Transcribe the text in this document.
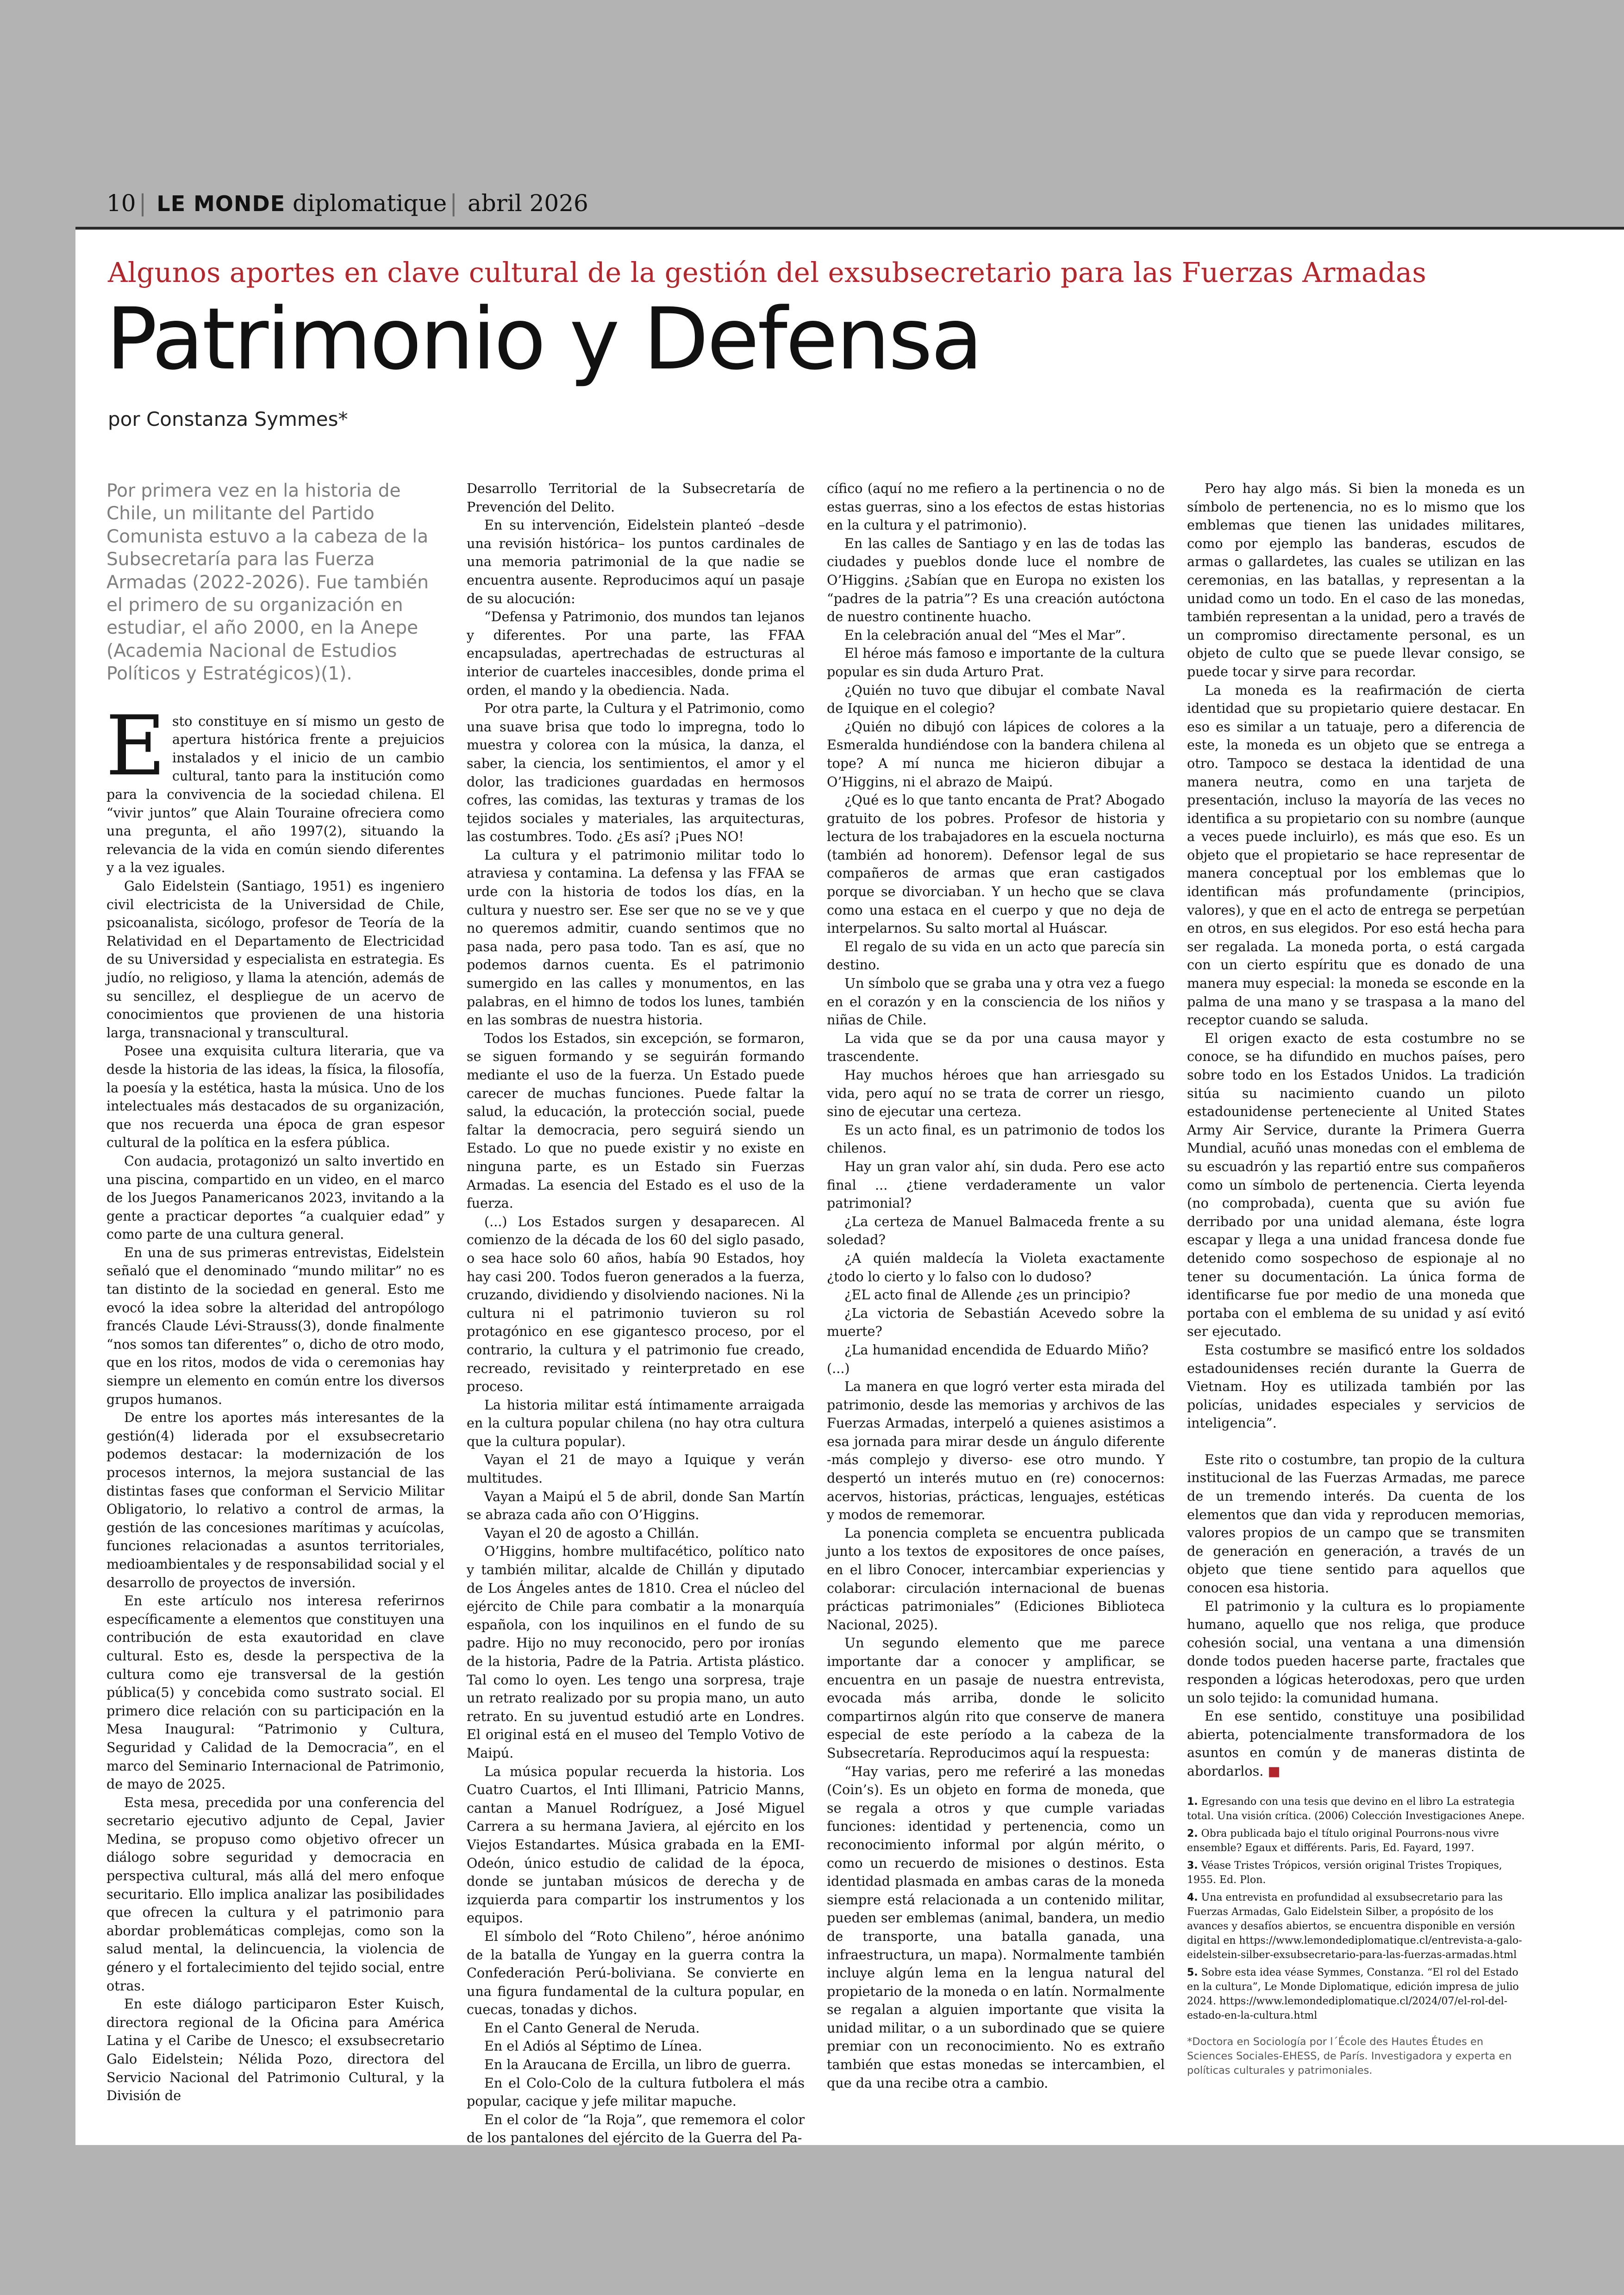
10 | LE MONDE diplomatique | abril 2026
Algunos aportes en clave cultural de la gestión del exsubsecretario para las Fuerzas Armadas
Patrimonio y Defensa
por Constanza Symmes*
Por primera vez en la historia de Chile, un militante del Partido Comunista estuvo a la cabeza de la Subsecretaría para las Fuerza Armadas (2022-2026). Fue también el primero de su organización en estudiar, el año 2000, en la Anepe (Academia Nacional de Estudios Políticos y Estratégicos)(1).

Esto constituye en sí mismo un gesto de apertura histórica frente a prejuicios instalados y el inicio de un cambio cultural, tanto para la institución como para la convivencia de la sociedad chilena. El “vivir juntos” que Alain Touraine ofreciera como una pregunta, el año 1997(2), situando la relevancia de la vida en común siendo diferentes y a la vez iguales.

Galo Eidelstein (Santiago, 1951) es ingeniero civil electricista de la Universidad de Chile, psicoanalista, sicólogo, profesor de Teoría de la Relatividad en el Departamento de Electricidad de su Universidad y especialista en estrategia. Es judío, no religioso, y llama la atención, además de su sencillez, el despliegue de un acervo de conocimientos que provienen de una historia larga, transnacional y transcultural.

Posee una exquisita cultura literaria, que va desde la historia de las ideas, la física, la filosofía, la poesía y la estética, hasta la música. Uno de los intelectuales más destacados de su organización, que nos recuerda una época de gran espesor cultural de la política en la esfera pública.

Con audacia, protagonizó un salto invertido en una piscina, compartido en un video, en el marco de los Juegos Panamericanos 2023, invitando a la gente a practicar deportes “a cualquier edad” y como parte de una cultura general.

En una de sus primeras entrevistas, Eidelstein señaló que el denominado “mundo militar” no es tan distinto de la sociedad en general. Esto me evocó la idea sobre la alteridad del antropólogo francés Claude Lévi-Strauss(3), donde finalmente “nos somos tan diferentes” o, dicho de otro modo, que en los ritos, modos de vida o ceremonias hay siempre un elemento en común entre los diversos grupos humanos.

De entre los aportes más interesantes de la gestión(4) liderada por el exsubsecretario podemos destacar: la modernización de los procesos internos, la mejora sustancial de las distintas fases que conforman el Servicio Militar Obligatorio, lo relativo a control de armas, la gestión de las concesiones marítimas y acuícolas, funciones relacionadas a asuntos territoriales, medioambientales y de responsabilidad social y el desarrollo de proyectos de inversión.

En este artículo nos interesa referirnos específicamente a elementos que constituyen una contribución de esta exautoridad en clave cultural. Esto es, desde la perspectiva de la cultura como eje transversal de la gestión pública(5) y concebida como sustrato social. El primero dice relación con su participación en la Mesa Inaugural: “Patrimonio y Cultura, Seguridad y Calidad de la Democracia”, en el marco del Seminario Internacional de Patrimonio, de mayo de 2025.

Esta mesa, precedida por una conferencia del secretario ejecutivo adjunto de Cepal, Javier Medina, se propuso como objetivo ofrecer un diálogo sobre seguridad y democracia en perspectiva cultural, más allá del mero enfoque securitario. Ello implica analizar las posibilidades que ofrecen la cultura y el patrimonio para abordar problemáticas complejas, como son la salud mental, la delincuencia, la violencia de género y el fortalecimiento del tejido social, entre otras.

En este diálogo participaron Ester Kuisch, directora regional de la Oficina para América Latina y el Caribe de Unesco; el exsubsecretario Galo Eidelstein; Nélida Pozo, directora del Servicio Nacional del Patrimonio Cultural, y la División de

Desarrollo Territorial de la Subsecretaría de Prevención del Delito.

En su intervención, Eidelstein planteó –desde una revisión histórica– los puntos cardinales de una memoria patrimonial de la que nadie se encuentra ausente. Reproducimos aquí un pasaje de su alocución:

“Defensa y Patrimonio, dos mundos tan lejanos y diferentes. Por una parte, las FFAA encapsuladas, apertrechadas de estructuras al interior de cuarteles inaccesibles, donde prima el orden, el mando y la obediencia. Nada.

Por otra parte, la Cultura y el Patrimonio, como una suave brisa que todo lo impregna, todo lo muestra y colorea con la música, la danza, el saber, la ciencia, los sentimientos, el amor y el dolor, las tradiciones guardadas en hermosos cofres, las comidas, las texturas y tramas de los tejidos sociales y materiales, las arquitecturas, las costumbres. Todo. ¿Es así? ¡Pues NO!

La cultura y el patrimonio militar todo lo atraviesa y contamina. La defensa y las FFAA se urde con la historia de todos los días, en la cultura y nuestro ser. Ese ser que no se ve y que no queremos admitir, cuando sentimos que no pasa nada, pero pasa todo. Tan es así, que no podemos darnos cuenta. Es el patrimonio sumergido en las calles y monumentos, en las palabras, en el himno de todos los lunes, también en las sombras de nuestra historia.

Todos los Estados, sin excepción, se formaron, se siguen formando y se seguirán formando mediante el uso de la fuerza. Un Estado puede carecer de muchas funciones. Puede faltar la salud, la educación, la protección social, puede faltar la democracia, pero seguirá siendo un Estado. Lo que no puede existir y no existe en ninguna parte, es un Estado sin Fuerzas Armadas. La esencia del Estado es el uso de la fuerza.

(...) Los Estados surgen y desaparecen. Al comienzo de la década de los 60 del siglo pasado, o sea hace solo 60 años, había 90 Estados, hoy hay casi 200. Todos fueron generados a la fuerza, cruzando, dividiendo y disolviendo naciones. Ni la cultura ni el patrimonio tuvieron su rol protagónico en ese gigantesco proceso, por el contrario, la cultura y el patrimonio fue creado, recreado, revisitado y reinterpretado en ese proceso.

La historia militar está íntimamente arraigada en la cultura popular chilena (no hay otra cultura que la cultura popular).

Vayan el 21 de mayo a Iquique y verán multitudes.

Vayan a Maipú el 5 de abril, donde San Martín se abraza cada año con O’Higgins.

Vayan el 20 de agosto a Chillán.

O’Higgins, hombre multifacético, político nato y también militar, alcalde de Chillán y diputado de Los Ángeles antes de 1810. Crea el núcleo del ejército de Chile para combatir a la monarquía española, con los inquilinos en el fundo de su padre. Hijo no muy reconocido, pero por ironías de la historia, Padre de la Patria. Artista plástico. Tal como lo oyen. Les tengo una sorpresa, traje un retrato realizado por su propia mano, un auto retrato. En su juventud estudió arte en Londres. El original está en el museo del Templo Votivo de Maipú.

La música popular recuerda la historia. Los Cuatro Cuartos, el Inti Illimani, Patricio Manns, cantan a Manuel Rodríguez, a José Miguel Carrera a su hermana Javiera, al ejército en los Viejos Estandartes. Música grabada en la EMI-Odeón, único estudio de calidad de la época, donde se juntaban músicos de derecha y de izquierda para compartir los instrumentos y los equipos.

El símbolo del “Roto Chileno”, héroe anónimo de la batalla de Yungay en la guerra contra la Confederación Perú-boliviana. Se convierte en una figura fundamental de la cultura popular, en cuecas, tonadas y dichos.

En el Canto General de Neruda.

En el Adiós al Séptimo de Línea.

En la Araucana de Ercilla, un libro de guerra.

En el Colo-Colo de la cultura futbolera el más popular, cacique y jefe militar mapuche.

En el color de “la Roja”, que rememora el color de los pantalones del ejército de la Guerra del Pa-

cífico (aquí no me refiero a la pertinencia o no de estas guerras, sino a los efectos de estas historias en la cultura y el patrimonio).

En las calles de Santiago y en las de todas las ciudades y pueblos donde luce el nombre de O’Higgins. ¿Sabían que en Europa no existen los “padres de la patria”? Es una creación autóctona de nuestro continente huacho.

En la celebración anual del “Mes el Mar”.

El héroe más famoso e importante de la cultura popular es sin duda Arturo Prat.

¿Quién no tuvo que dibujar el combate Naval de Iquique en el colegio?

¿Quién no dibujó con lápices de colores a la Esmeralda hundiéndose con la bandera chilena al tope? A mí nunca me hicieron dibujar a O’Higgins, ni el abrazo de Maipú.

¿Qué es lo que tanto encanta de Prat? Abogado gratuito de los pobres. Profesor de historia y lectura de los trabajadores en la escuela nocturna (también ad honorem). Defensor legal de sus compañeros de armas que eran castigados porque se divorciaban. Y un hecho que se clava como una estaca en el cuerpo y que no deja de interpelarnos. Su salto mortal al Huáscar.

El regalo de su vida en un acto que parecía sin destino.

Un símbolo que se graba una y otra vez a fuego en el corazón y en la consciencia de los niños y niñas de Chile.

La vida que se da por una causa mayor y trascendente.

Hay muchos héroes que han arriesgado su vida, pero aquí no se trata de correr un riesgo, sino de ejecutar una certeza.

Es un acto final, es un patrimonio de todos los chilenos.

Hay un gran valor ahí, sin duda. Pero ese acto final ... ¿tiene verdaderamente un valor patrimonial?

¿La certeza de Manuel Balmaceda frente a su soledad?

¿A quién maldecía la Violeta exactamente ¿todo lo cierto y lo falso con lo dudoso?

¿EL acto final de Allende ¿es un principio?

¿La victoria de Sebastián Acevedo sobre la muerte?

¿La humanidad encendida de Eduardo Miño?

(...)

La manera en que logró verter esta mirada del patrimonio, desde las memorias y archivos de las Fuerzas Armadas, interpeló a quienes asistimos a esa jornada para mirar desde un ángulo diferente -más complejo y diverso- ese otro mundo. Y despertó un interés mutuo en (re) conocernos: acervos, historias, prácticas, lenguajes, estéticas y modos de rememorar.

La ponencia completa se encuentra publicada junto a los textos de expositores de once países, en el libro Conocer, intercambiar experiencias y colaborar: circulación internacional de buenas prácticas patrimoniales” (Ediciones Biblioteca Nacional, 2025).

Un segundo elemento que me parece importante dar a conocer y amplificar, se encuentra en un pasaje de nuestra entrevista, evocada más arriba, donde le solicito compartirnos algún rito que conserve de manera especial de este período a la cabeza de la Subsecretaría. Reproducimos aquí la respuesta:

“Hay varias, pero me referiré a las monedas (Coin’s). Es un objeto en forma de moneda, que se regala a otros y que cumple variadas funciones: identidad y pertenencia, como un reconocimiento informal por algún mérito, o como un recuerdo de misiones o destinos. Esta identidad plasmada en ambas caras de la moneda siempre está relacionada a un contenido militar, pueden ser emblemas (animal, bandera, un medio de transporte, una batalla ganada, una infraestructura, un mapa). Normalmente también incluye algún lema en la lengua natural del propietario de la moneda o en latín. Normalmente se regalan a alguien importante que visita la unidad militar, o a un subordinado que se quiere premiar con un reconocimiento. No es extraño también que estas monedas se intercambien, el que da una recibe otra a cambio.

Pero hay algo más. Si bien la moneda es un símbolo de pertenencia, no es lo mismo que los emblemas que tienen las unidades militares, como por ejemplo las banderas, escudos de armas o gallardetes, las cuales se utilizan en las ceremonias, en las batallas, y representan a la unidad como un todo. En el caso de las monedas, también representan a la unidad, pero a través de un compromiso directamente personal, es un objeto de culto que se puede llevar consigo, se puede tocar y sirve para recordar.

La moneda es la reafirmación de cierta identidad que su propietario quiere destacar. En eso es similar a un tatuaje, pero a diferencia de este, la moneda es un objeto que se entrega a otro. Tampoco se destaca la identidad de una manera neutra, como en una tarjeta de presentación, incluso la mayoría de las veces no identifica a su propietario con su nombre (aunque a veces puede incluirlo), es más que eso. Es un objeto que el propietario se hace representar de manera conceptual por los emblemas que lo identifican más profundamente (principios, valores), y que en el acto de entrega se perpetúan en otros, en sus elegidos. Por eso está hecha para ser regalada. La moneda porta, o está cargada con un cierto espíritu que es donado de una manera muy especial: la moneda se esconde en la palma de una mano y se traspasa a la mano del receptor cuando se saluda.

El origen exacto de esta costumbre no se conoce, se ha difundido en muchos países, pero sobre todo en los Estados Unidos. La tradición sitúa su nacimiento cuando un piloto estadounidense perteneciente al United States Army Air Service, durante la Primera Guerra Mundial, acuñó unas monedas con el emblema de su escuadrón y las repartió entre sus compañeros como un símbolo de pertenencia. Cierta leyenda (no comprobada), cuenta que su avión fue derribado por una unidad alemana, éste logra escapar y llega a una unidad francesa donde fue detenido como sospechoso de espionaje al no tener su documentación. La única forma de identificarse fue por medio de una moneda que portaba con el emblema de su unidad y así evitó ser ejecutado.

Esta costumbre se masificó entre los soldados estadounidenses recién durante la Guerra de Vietnam. Hoy es utilizada también por las policías, unidades especiales y servicios de inteligencia”.

Este rito o costumbre, tan propio de la cultura institucional de las Fuerzas Armadas, me parece de un tremendo interés. Da cuenta de los elementos que dan vida y reproducen memorias, valores propios de un campo que se transmiten de generación en generación, a través de un objeto que tiene sentido para aquellos que conocen esa historia.

El patrimonio y la cultura es lo propiamente humano, aquello que nos religa, que produce cohesión social, una ventana a una dimensión donde todos pueden hacerse parte, fractales que responden a lógicas heterodoxas, pero que urden un solo tejido: la comunidad humana.

En ese sentido, constituye una posibilidad abierta, potencialmente transformadora de los asuntos en común y de maneras distinta de abordarlos. ■

1. Egresando con una tesis que devino en el libro La estrategia total. Una visión crítica. (2006) Colección Investigaciones Anepe.

2. Obra publicada bajo el título original Pourrons-nous vivre ensemble? Egaux et différents. Paris, Ed. Fayard, 1997.

3. Véase Tristes Trópicos, versión original Tristes Tropiques, 1955. Ed. Plon.

4. Una entrevista en profundidad al exsubsecretario para las Fuerzas Armadas, Galo Eidelstein Silber, a propósito de los avances y desafíos abiertos, se encuentra disponible en versión digital en https://www.lemondediplomatique.cl/entrevista-a-galo-eidelstein-silber-exsubsecretario-para-las-fuerzas-armadas.html

5. Sobre esta idea véase Symmes, Constanza. “El rol del Estado en la cultura”, Le Monde Diplomatique, edición impresa de julio 2024. https://www.lemondediplomatique.cl/2024/07/el-rol-del-estado-en-la-cultura.html

*Doctora en Sociología por l´École des Hautes Études en Sciences Sociales-EHESS, de París. Investigadora y experta en políticas culturales y patrimoniales.
